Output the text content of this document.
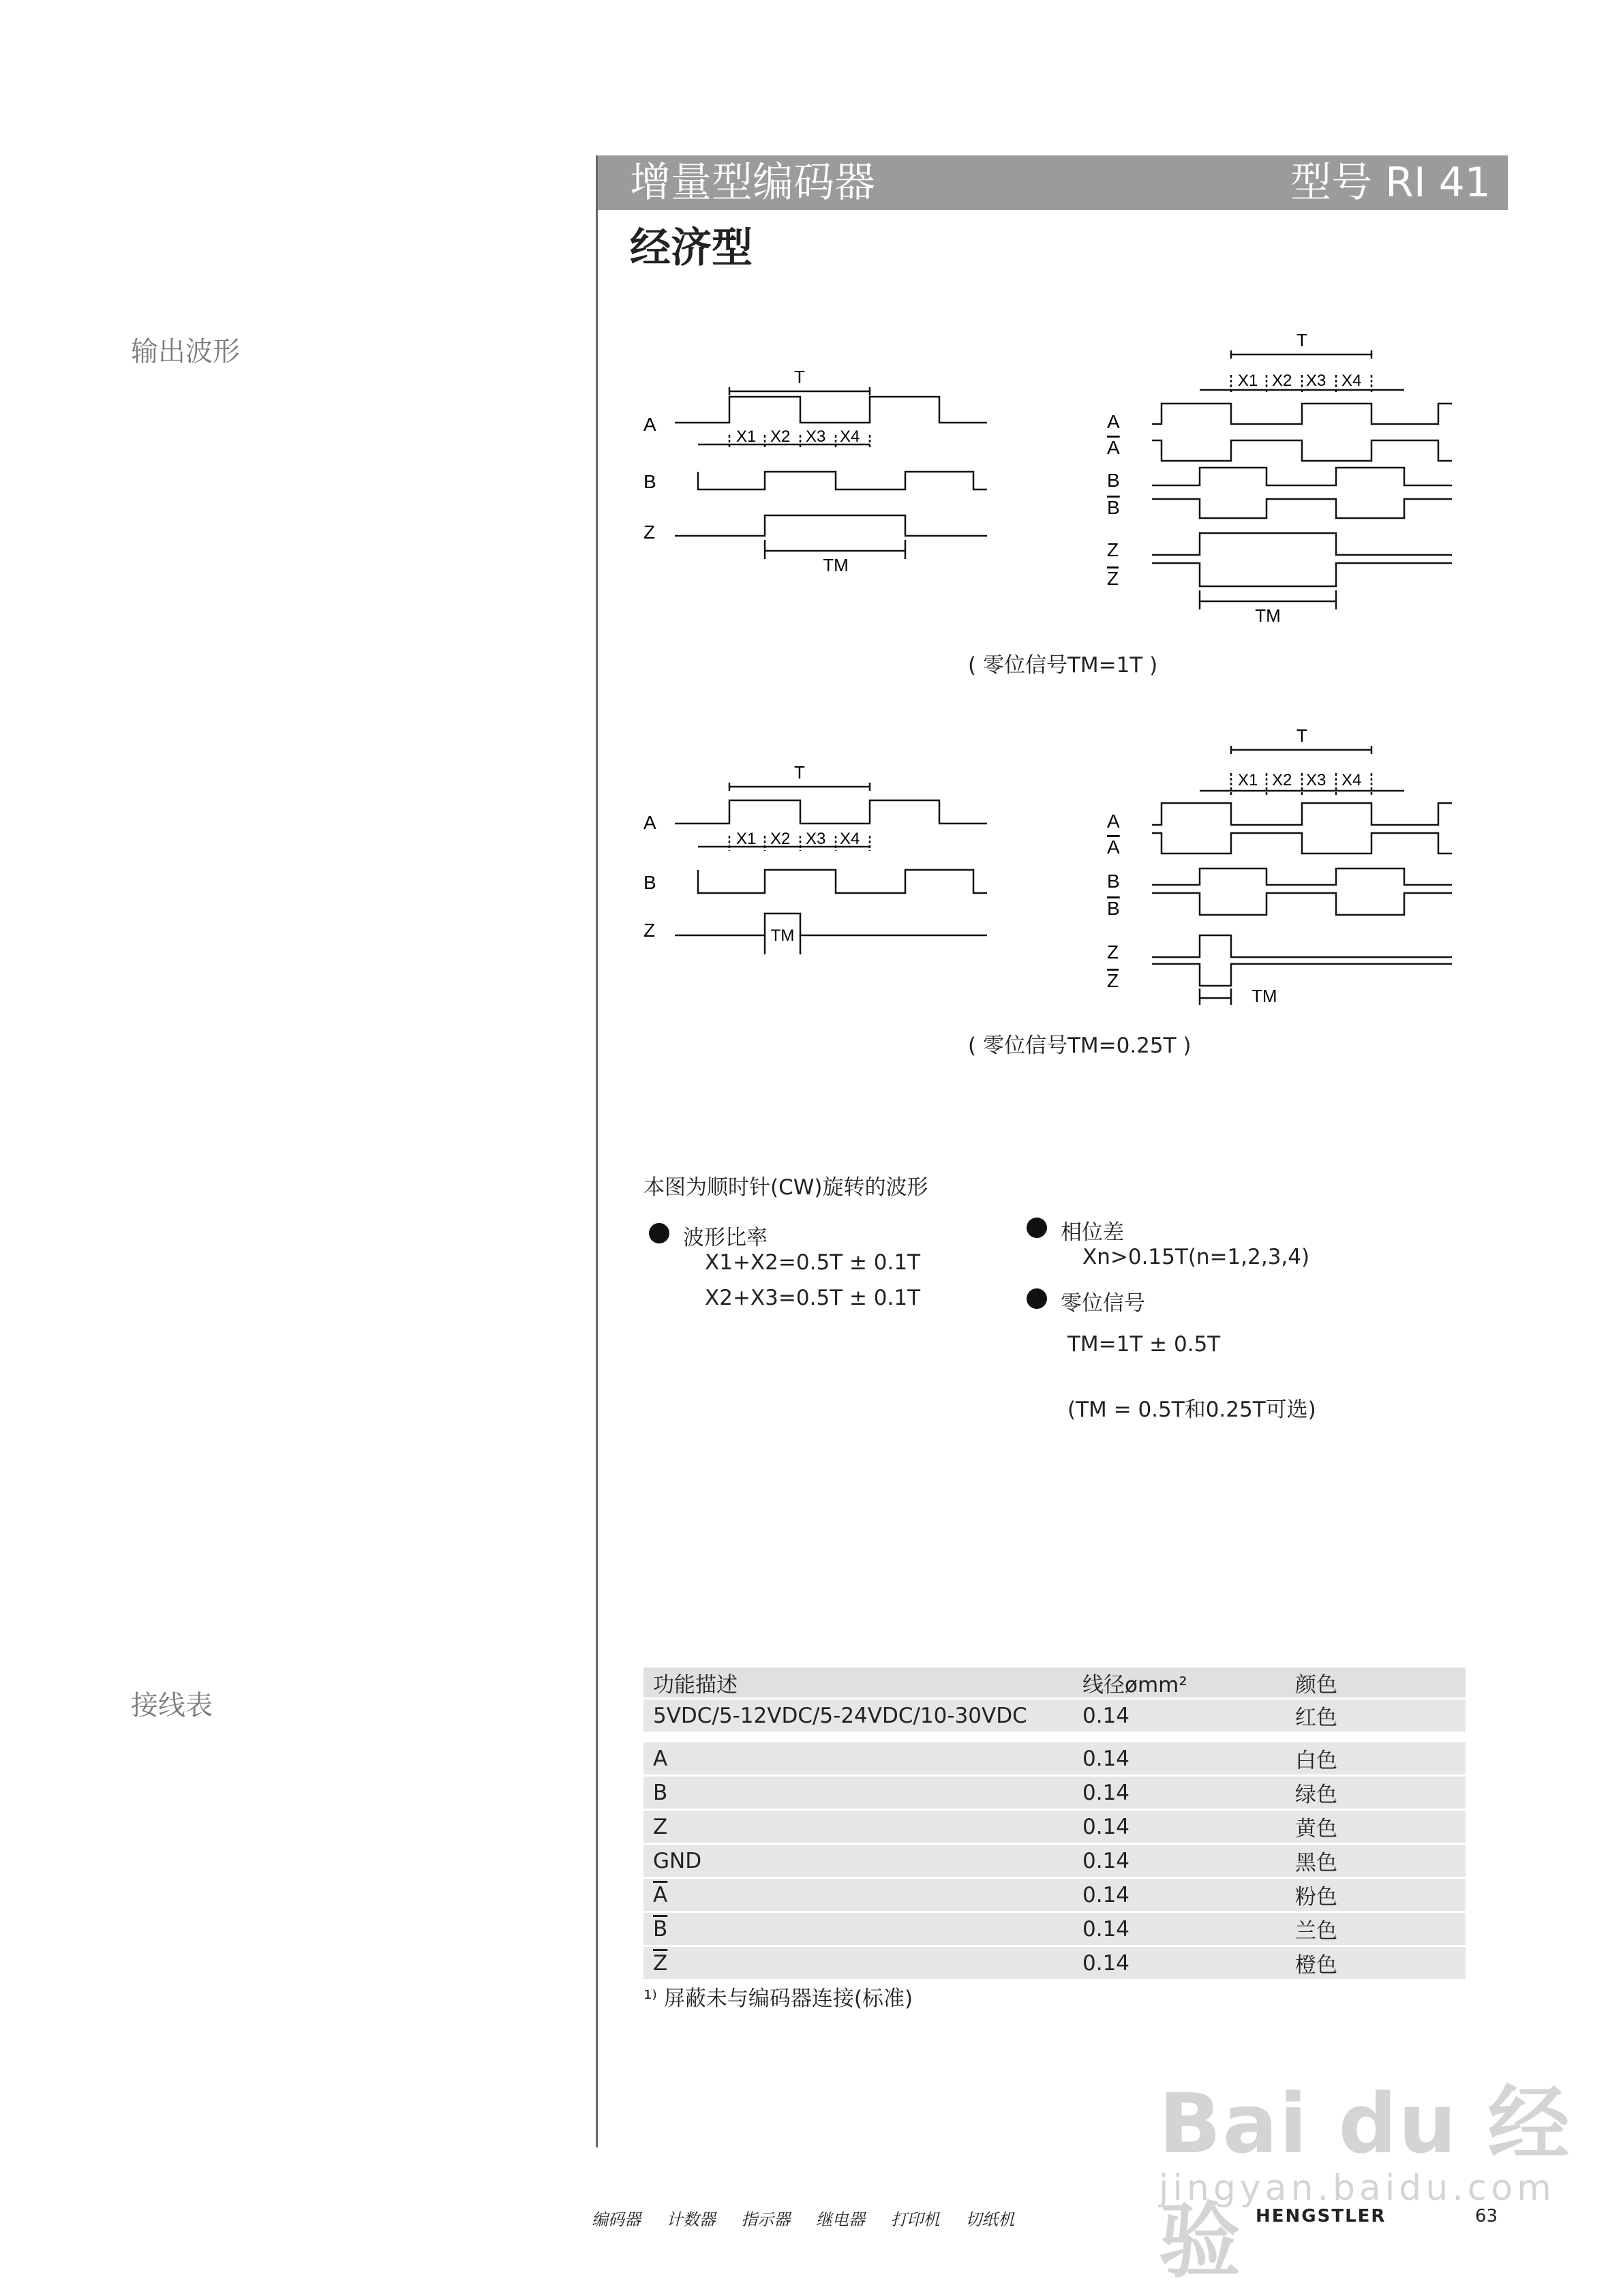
增量型编码器	型号 RI 41
经济型
输出波形
接线表
T
A
B
Z
X1 X2 X3 X4
TM
T
A
A
B
B
Z
Z
X1 X2 X3 X4
TM
( 零位信号TM=1T )
T
A
B
Z
X1 X2 X3 X4
TM
T
A
A
B
B
Z
Z
X1 X2 X3 X4
TM
( 零位信号TM=0.25T )
本图为顺时针(CW)旋转的波形
波形比率
X1+X2=0.5T ± 0.1T
X2+X3=0.5T ± 0.1T
相位差
Xn>0.15T(n=1,2,3,4)
零位信号
TM=1T ± 0.5T
(TM = 0.5T和0.25T可选)
功能描述	线径ømm²	颜色
5VDC/5-12VDC/5-24VDC/10-30VDC	0.14	红色
A	0.14	白色
B	0.14	绿色
Z	0.14	黄色
GND	0.14	黑色
$\overline{A}$	0.14	粉色
$\overline{B}$	0.14	兰色
$\overline{Z}$	0.14	橙色
¹⁾ 屏蔽未与编码器连接(标准)
Bai du 经验
jingyan.baidu.com
编码器 计数器 指示器 继电器 打印机 切纸机	HENGSTLER	63
